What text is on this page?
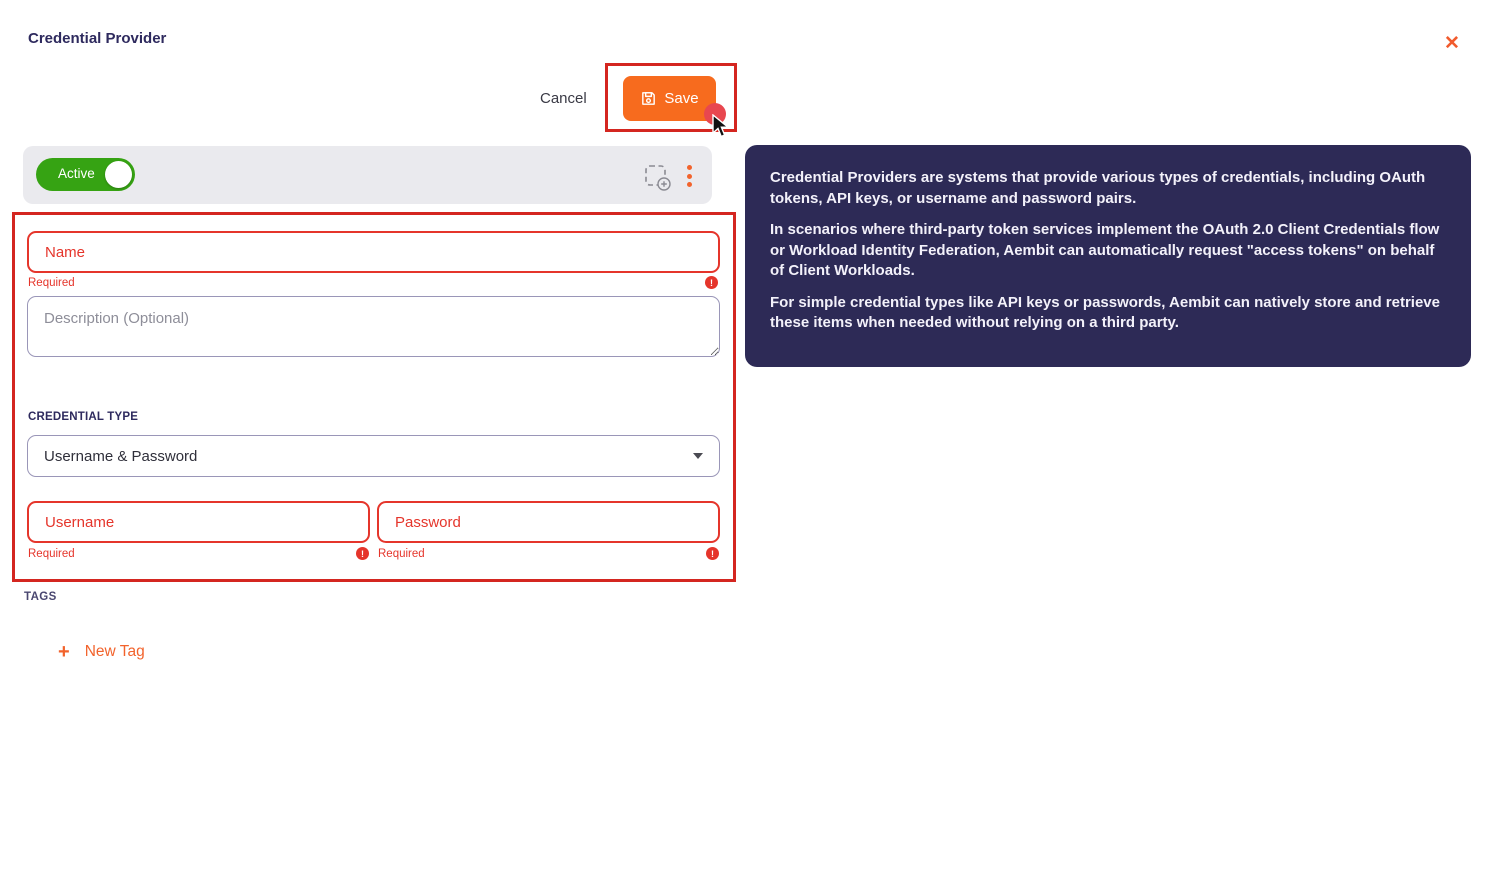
Credential Provider	✕
Cancel	Save
Active
Name
Required	!
Description (Optional)
CREDENTIAL TYPE
Username & Password
Username
Password
Required	!	Required	!
TAGS
+ New Tag

Credential Providers are systems that provide various types of credentials, including OAuth tokens, API keys, or username and password pairs.

In scenarios where third-party token services implement the OAuth 2.0 Client Credentials flow or Workload Identity Federation, Aembit can automatically request "access tokens" on behalf of Client Workloads.

For simple credential types like API keys or passwords, Aembit can natively store and retrieve these items when needed without relying on a third party.
